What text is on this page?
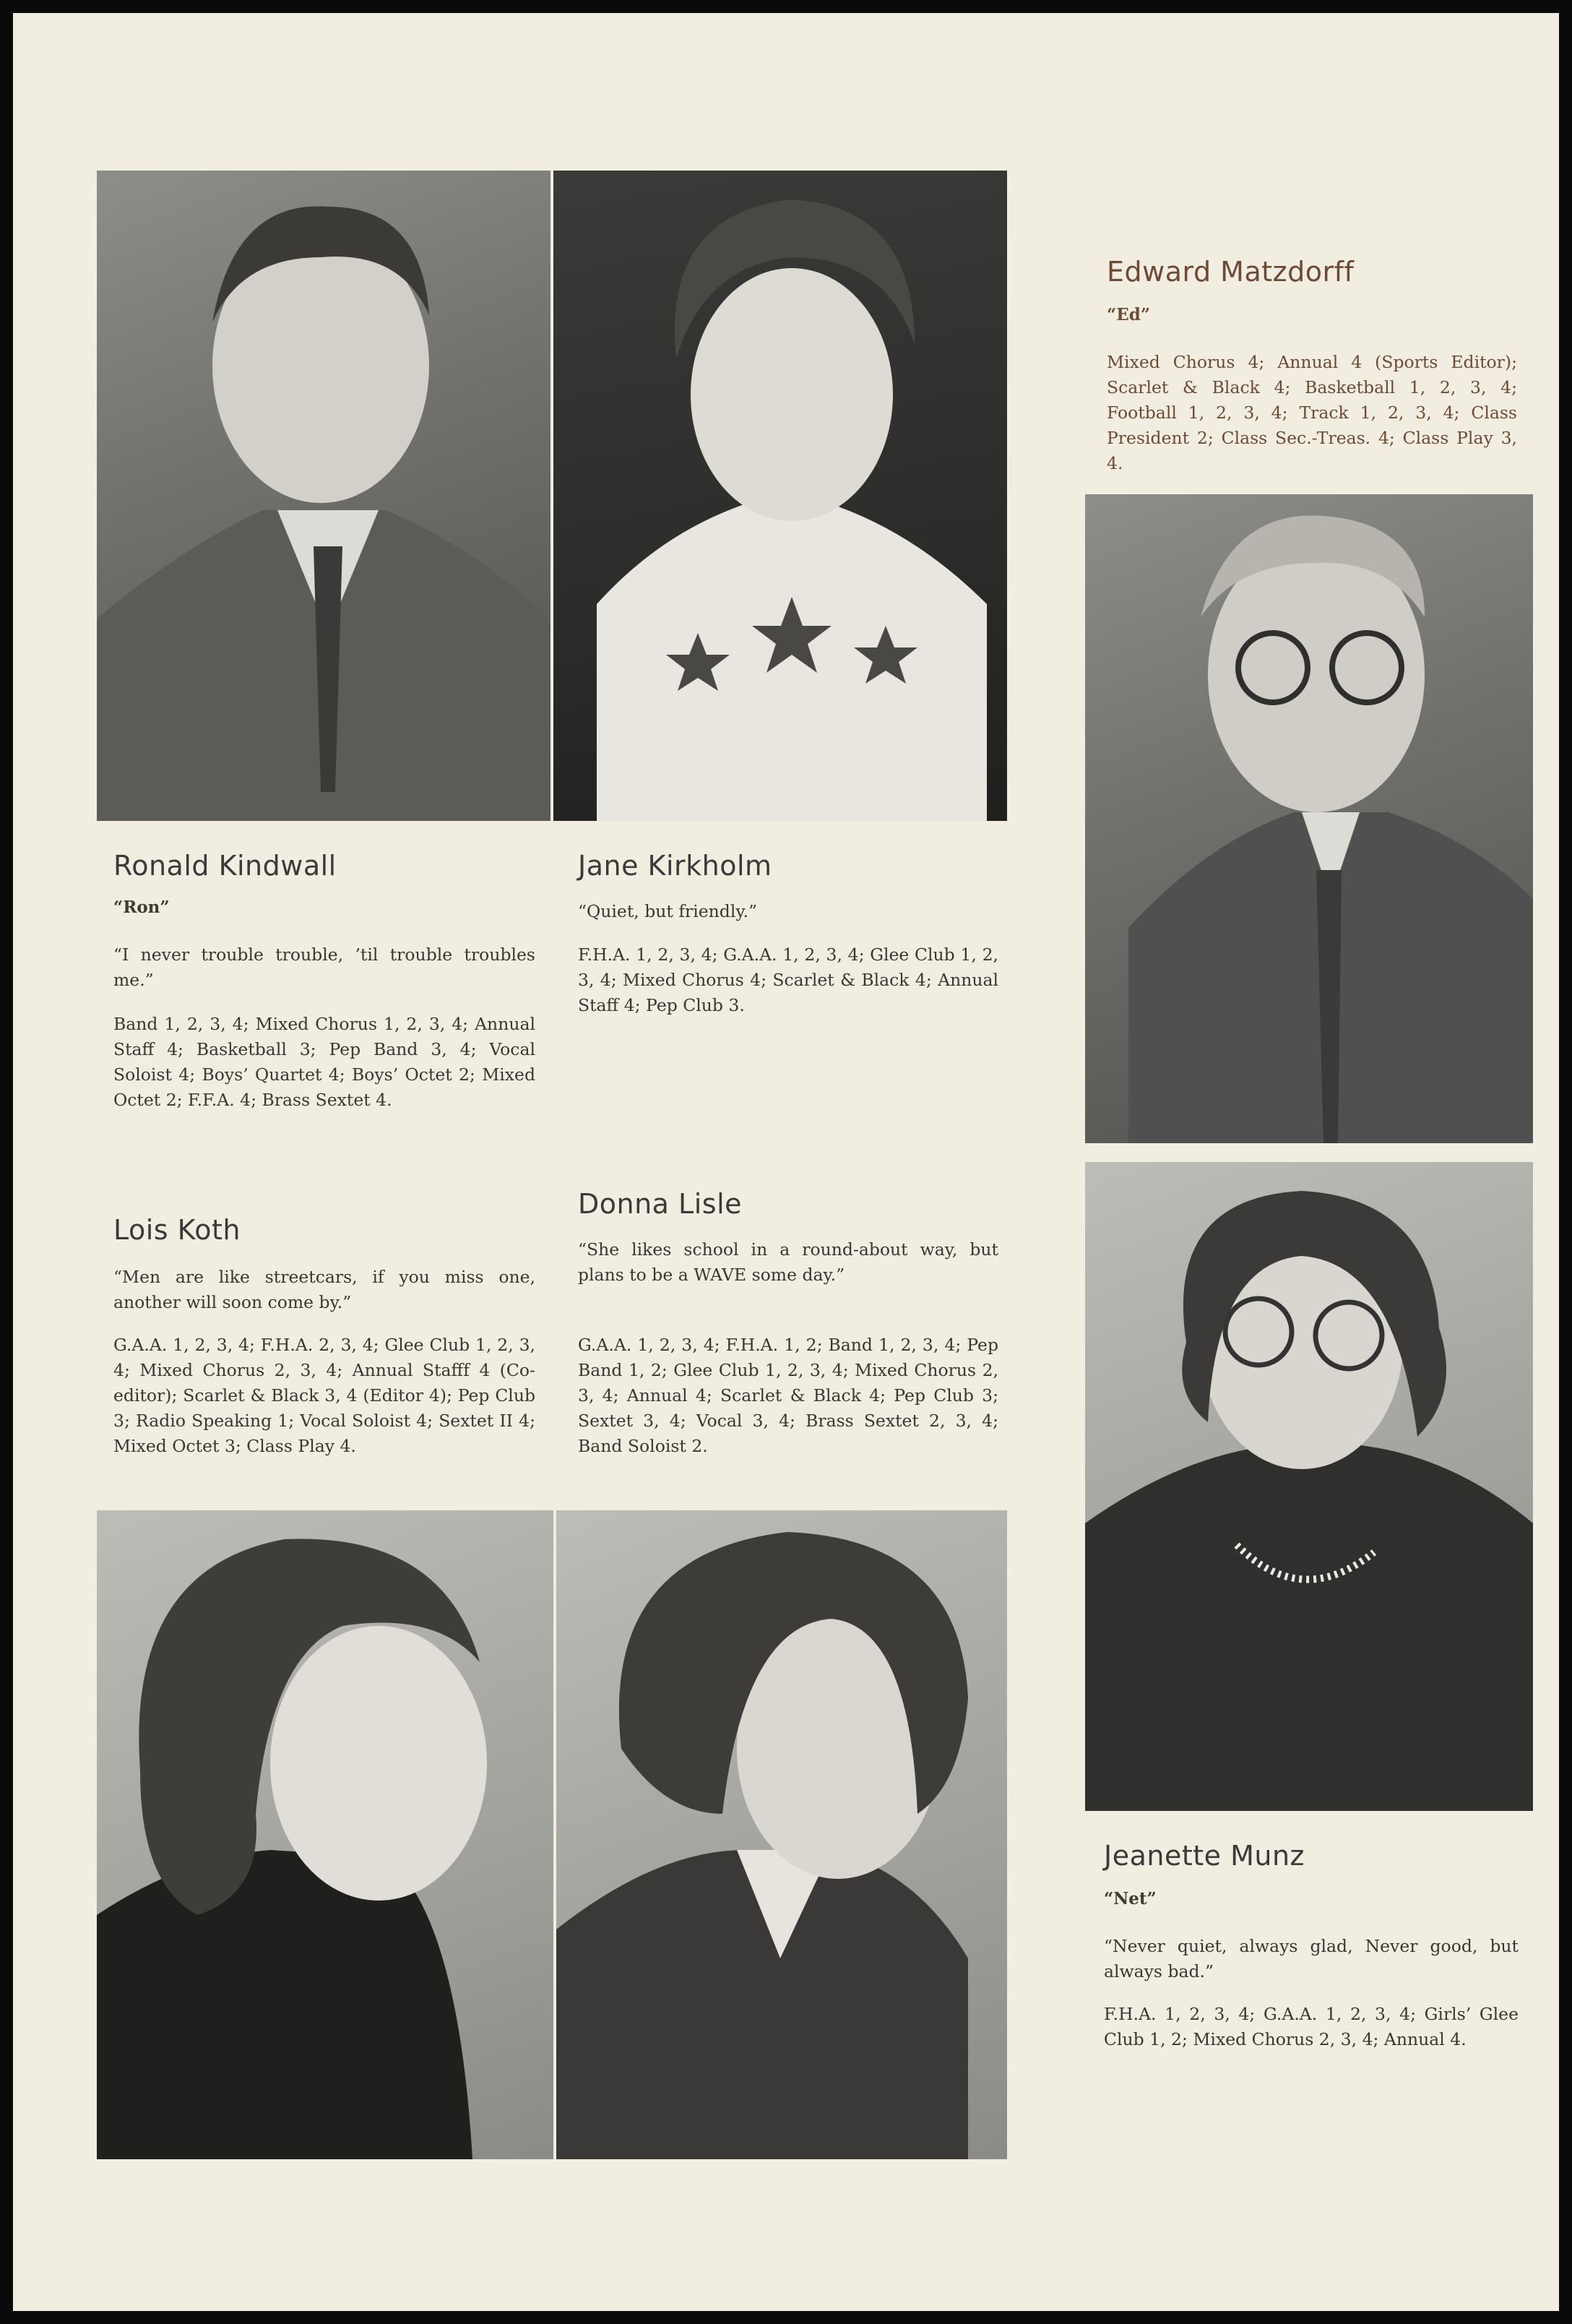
Ronald Kindwall
“Ron”

“I never trouble trouble, ’til trouble troubles me.”

Band 1, 2, 3, 4; Mixed Chorus 1, 2, 3, 4; Annual Staff 4; Basketball 3; Pep Band 3, 4; Vocal Soloist 4; Boys’ Quartet 4; Boys’ Octet 2; Mixed Octet 2; F.F.A. 4; Brass Sextet 4.

Jane Kirkholm

“Quiet, but friendly.”

F.H.A. 1, 2, 3, 4; G.A.A. 1, 2, 3, 4; Glee Club 1, 2, 3, 4; Mixed Chorus 4; Scarlet & Black 4; Annual Staff 4; Pep Club 3.

Edward Matzdorff
“Ed”

Mixed Chorus 4; Annual 4 (Sports Editor); Scarlet & Black 4; Basketball 1, 2, 3, 4; Football 1, 2, 3, 4; Track 1, 2, 3, 4; Class President 2; Class Sec.-Treas. 4; Class Play 3, 4.

Lois Koth

“Men are like streetcars, if you miss one, another will soon come by.”

G.A.A. 1, 2, 3, 4; F.H.A. 2, 3, 4; Glee Club 1, 2, 3, 4; Mixed Chorus 2, 3, 4; Annual Stafff 4 (Co-editor); Scarlet & Black 3, 4 (Editor 4); Pep Club 3; Radio Speaking 1; Vocal Soloist 4; Sextet II 4; Mixed Octet 3; Class Play 4.

Donna Lisle

“She likes school in a round-about way, but plans to be a WAVE some day.”

G.A.A. 1, 2, 3, 4; F.H.A. 1, 2; Band 1, 2, 3, 4; Pep Band 1, 2; Glee Club 1, 2, 3, 4; Mixed Chorus 2, 3, 4; Annual 4; Scarlet & Black 4; Pep Club 3; Sextet 3, 4; Vocal 3, 4; Brass Sextet 2, 3, 4; Band Soloist 2.

Jeanette Munz
“Net”

“Never quiet, always glad, Never good, but always bad.”

F.H.A. 1, 2, 3, 4; G.A.A. 1, 2, 3, 4; Girls’ Glee Club 1, 2; Mixed Chorus 2, 3, 4; Annual 4.
